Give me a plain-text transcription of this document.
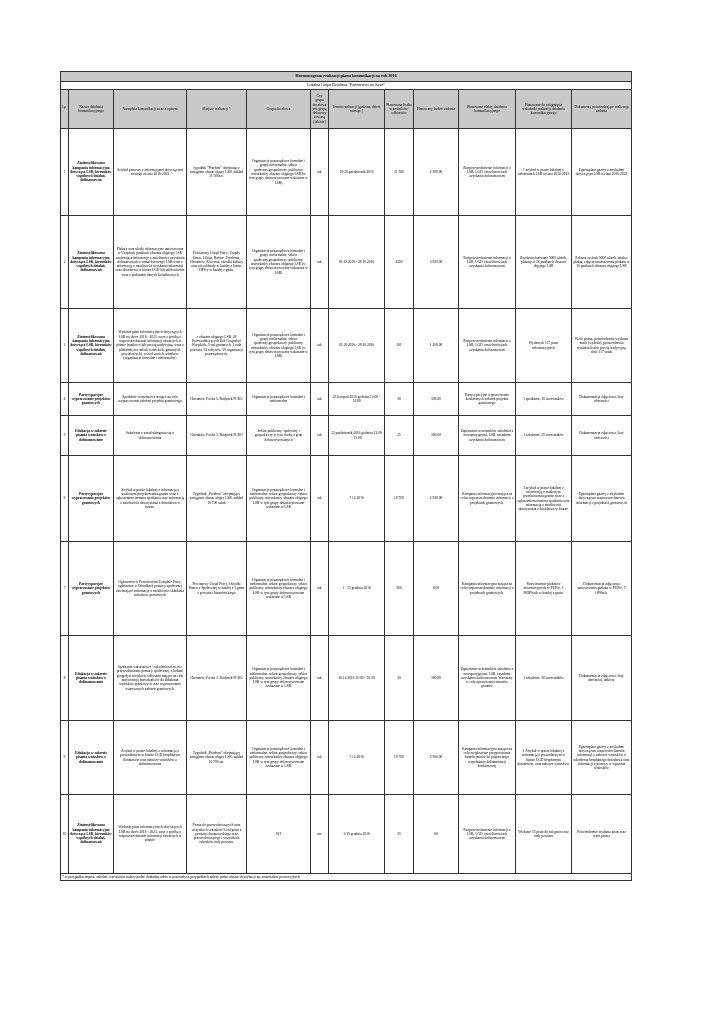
Harmonogram realizacji planu komunikacji na rok 2016											
Lokalna Grupa Działania "Partnerstwo na Jurze"											
Lp.	Nazwa działania komunikacyjnego	Narzędzia komunikacji wraz z opisem	Miejsce realizacji *	Grupa docelowa	Czy grupa docelowa jest grupą defaworyzowaną [tak/nie]	Termin realizacji [godzina, dzień, miesiąc ]	Planowana liczba uczestników/ odbiorców	Planowany budżet zadania	Planowane efekty działania komunikacyjnego	Planowane do osiągnięcia wskaźniki realizacji działania komunikacyjnego	Dokumenty potwierdzające realizację zadania
1	Zintensyfikowana kampania informacyjna dotycząca LSR, kierunków wspólnych działań, dofinansowań	Artykuł prasowy z informacjami dotyczącymi strategii na lata 2016-2023	tygodnik "Przełom" obejmujący zasięgiem obszar objęty LSR, nakład 11 500szt.	Organizacje pozarządowe formalne i grupy nieformalne, sektor społeczny,gospodarczy, publiczny, mieszkańcy obszaru objętego LSR (w tym grupy defaworyzowane wskazane w LSR)	tak	19-26 październik 2016	11 500	2 500,00	Rozpowszechnienie informacji o LSR, LGD i możliwościach uzyskania dofinansowań	1 artykuł w prasie lokalnej o założeniach LSR na lata 2016-2023	Egzemplarz gazety z artykułem dotyczącym LSR na lata 2016-2023
2	Zintensyfikowana kampania informacyjna dotycząca LSR, kierunków wspólnych działań, dofinansowań	Plakaty oraz ulotki informacyjne umieszczone w Urzędach punktach obszaru objętego LSR zawierające informacje o możliwości uzyskania dofinansowań w ramach nowego LSR wraz z informacją o możliwości uzyskania informacji oraz doradztwa w biurze LGD lub telefonicznie wraz z podaniem danych kontaktowych	Powiatowy Urząd Pracy, Urzędy Gmin: Libiąż, Babice, Trzebinia, Chrzanów, Alwernia, ośrodki kultury oraz ich oddziały w każdej z Gmin, OPS-y w każdej z gmin,	Organizacje pozarządowe formalne i grupy nieformalne, sektor społeczny,gospodarczy, publiczny, mieszkańcy obszaru objętego LSR (w tym grupy defaworyzowane wskazane w LSR)	tak	03.10.2016 - 28.10.2016	4500	3 000,00	Rozpowszechnienie informacji o LSR, LGD i możliwościach uzyskania dofinansowań	Rozdystrybuowane 5000 ulotek, plakaty w 16 punktach obszaru objętego LSR	Faktura za druk 5000 ulotek, ulotka, plakat, zdjęcia umieszczenia plakatu w 16 punktach obszaru objętego LSR
3	Zintensyfikowana kampania informacyjna dotycząca LSR, kierunków wspólnych działań, dofinansowań	Wydanie pism informacyjnych dotyczących LSR na okres 2016 - 2023, wraz z prośbą o rozpowszechnianie informacji zawartych w piśmie (mailowo lub pocztą tradycyjną, wraz z plakatem) na radach (sołeckich, gminnych, powiatowych), wśród swoich członków (organizacje formalne i nieformalne)	z obszaru objętego LSR: 28 Przewodniczących Kół Gospodyń Wiejskich, 5 rad gminnych, 1 rada powiatu, 52 sołtysów, 30 organizacji pozarządowych,	Organizacje pozarządowe formalne i grupy nieformalne, sektor społeczny,gospodarczy, publiczny, mieszkańcy obszaru objętego LSR (w tym grupy defaworyzowane wskazane w LSR)	tak	03.10.2016 - 28.10.2016	201	1 200,00	Rozpowszechnienie informacji o LSR, LGD i możliwościach uzyskania dofinansowań	Wydanych 117 pism informacyjnych	Wzór pisma, potwierdzenia wysłania maili (wydruk), potwierdzenia wysłania listów pocztą tradycyjną, ilość 117 sztuk
4	Partycypacyjne wypracowanie projektów grantowych	Spotkanie warsztatowe mające na celu wypracowanie założeń projektu grantowego	Chrzanów, Focha 3, Budynek PCKU	Organizacje pozarządowe formalne i nieformalne	tak	23 listopad 2016 godzina 12:00 - 14:00	30	300,00	Partycypacyjne wypracowanie konkretnych założeń projektu grantowego	1 spotkanie, 30 uczestników	Dokumentacja zdjęciowa, listy obecności
5	Edukacja w zakresie pisania wniosków o dofinansowanie	Szkolenie z zasad ubiegania się o dofinansowania	Chrzanów, Focha 3, Budynek PCKU	Sektor publiczny, społeczny i gospodarczy w tym osoby z grup defaworyzowanych	tak	12 październik 2016 godzina 12:00 - 15:00	25	300,00	Zapoznanie uczestników szkolenia z nowoprzyjętymi, LSR, zasadami uzyskania dofinansowań	1 szkolenie, 25 uczestników	Dokumentacja zdjęciowa, listy obecności
6	Partycypacyjne wypracowanie projektów grantowych	Artykuł w prasie lokalnej z informacją o ustalonym projektowaniu grantu wraz z ogłoszeniem terminu spotkania oraz informacją o możliwości skorzystania z doradztwa w biurze.	Tygodnik „Przełom" obejmujący zasięgiem obszar objęty LSR, nakład 10 700 sztuk	Organizacje pozarządowe formalne i nieformalne, sektor gospodarczy, sektor publiczny, mieszkańcy obszaru objętego LSR w tym grupy defaworyzowane wskazane w LSR	tak	7.12.2016	10 700	2 500,00	Kampania informacyjna mająca na celu rozpowszechnienie informacji o projektach grantowych.	1 artykuł w prasie lokalnej z informacją o ustalonym projektowaniu grantu wraz z ogłoszeniem terminu spotkania oraz informacją o możliwości skorzystania z doradztwa w biurze.	Egzemplarz gazety z artykułem dotyczącym rozpowszechnienia informacji o projektach grantowych
7	Partycypacyjne wypracowanie projektów grantowych	Ogłoszenia w Powiatowym Urzędzie Pracy, ogłoszenia w Ośrodkach pomocy społecznej zawierające informacje o możliwości składania wniosków grantowych	Powiatowy Urząd Pracy, Ośrodki Pomocy Społecznej w każdej z 5 gmin z powiatu chrzanowskiego	Organizacje pozarządowe formalne i nieformalne, sektor gospodarczy, sektor publiczny, mieszkańcy obszaru objętego LSR w tym grupy defaworyzowane wskazane w LSR	tak	1 - 15 grudnia 2016	500	0,00	Kampania informacyjna mająca na celu rozpowszechnienie informacji o projektach grantowych.	Rozwieszenie plakatów informacyjnych w PUPie, 5 MOPSach w każdej z gmin.	Dokumentacja zdjęciowa umieszczenia plakatu w PUPie, 5 OPSach.
8	Edukacja w zakresie pisania wniosków o dofinansowanie	Spotkanie warsztatowe - szkoleniowe m.in z przewodniczami pomocy społecznej, z kołami gospodyń wiejskich, sołtysami mające na celu aktywizację mieszkańców do składania wniosków grantowych oraz wypracowanie ostatecznych założeń grantowych.	Chrzanów, Focha 3, Budynek PCKU	Organizacje pozarządowe formalne i nieformalne, sektor gospodarczy, sektor publiczny, mieszkańcy obszaru objętego LSR w tym grupy defaworyzowane wskazane w LSR	tak	16.12.2016 15:00 - 16:30	30	300,00	Zapoznanie uczestników szkolenia z nowoprzyjętymi, LSR, zasadami uzyskania dofinansowań. Warsztaty w celu opracowania tematów grantów	1 szkolenie, 30 uczestników	Dokumentacja zdjęciowa, listy obecności, ankiety.
9	Edukacja w zakresie pisania wniosków o dofinansowanie	Artykuł w prasie lokalnej z informacją o prowadzonym w biurze LGD bezpłatnym doradztwie oraz naborze wniosków o dofinansowanie	Tygodnik „Przełom" obejmujący zasięgiem obszar objęty LSR, nakład 10 700 szt.	Organizacje pozarządowe formalne i nieformalne, sektor gospodarczy, sektor publiczny, mieszkańcy obszaru objętego LSR w tym grupy defaworyzowane wskazane w LSR	tak	7.12.2016	10 700	2 500,00	Kampania informacyjna mająca na celu zwiększenie przygotowania beneficjentów do poprawnego wypełniania dokumentacji konkursowej	1 Artykuł w prasie lokalnej z informacją o prowadzonym w biurze LGD bezpłatnym doradztwie, oraz naborze wniosków.	Egzemplarz gazety z artykułem dotyczącym rozpowszechnienia informacji o naborze wniosków o udzielenia bezpłatnego doradztwa oraz informacji o pomocy w wpisania wniosków
10	Zintensyfikowana kampania informacyjna dotycząca LSR, kierunków wspólnych działań, dofinansowań	Wydanie pism informacyjnych dotyczących LSR na okres 2016 - 2023, wraz z prośbą o rozpowszechnianie informacji zawartych w piśmie	Pisma do przewodniczących oraz wszystkich członków 5 rad gmin z powiatu chrzanowskiego oraz przewodniczącego i wszystkich członków rady powiatu.	JST	nie	1-30 grudnia 2016	35	60	Rozpowszechnienie informacji o LSR, LGD i możliwościach uzyskania dofinansowań	Wydanie 35 pism do rad gmin oraz rady powiatu	Potwierdzenie wydania pism oraz wzór pisma
* w przypadku imprez, szkoleń, warsztatów należy podać dokładny adres w pozostałych przypadkach należy podać obszar dystrybucji np. materiałów promocyjnych											
